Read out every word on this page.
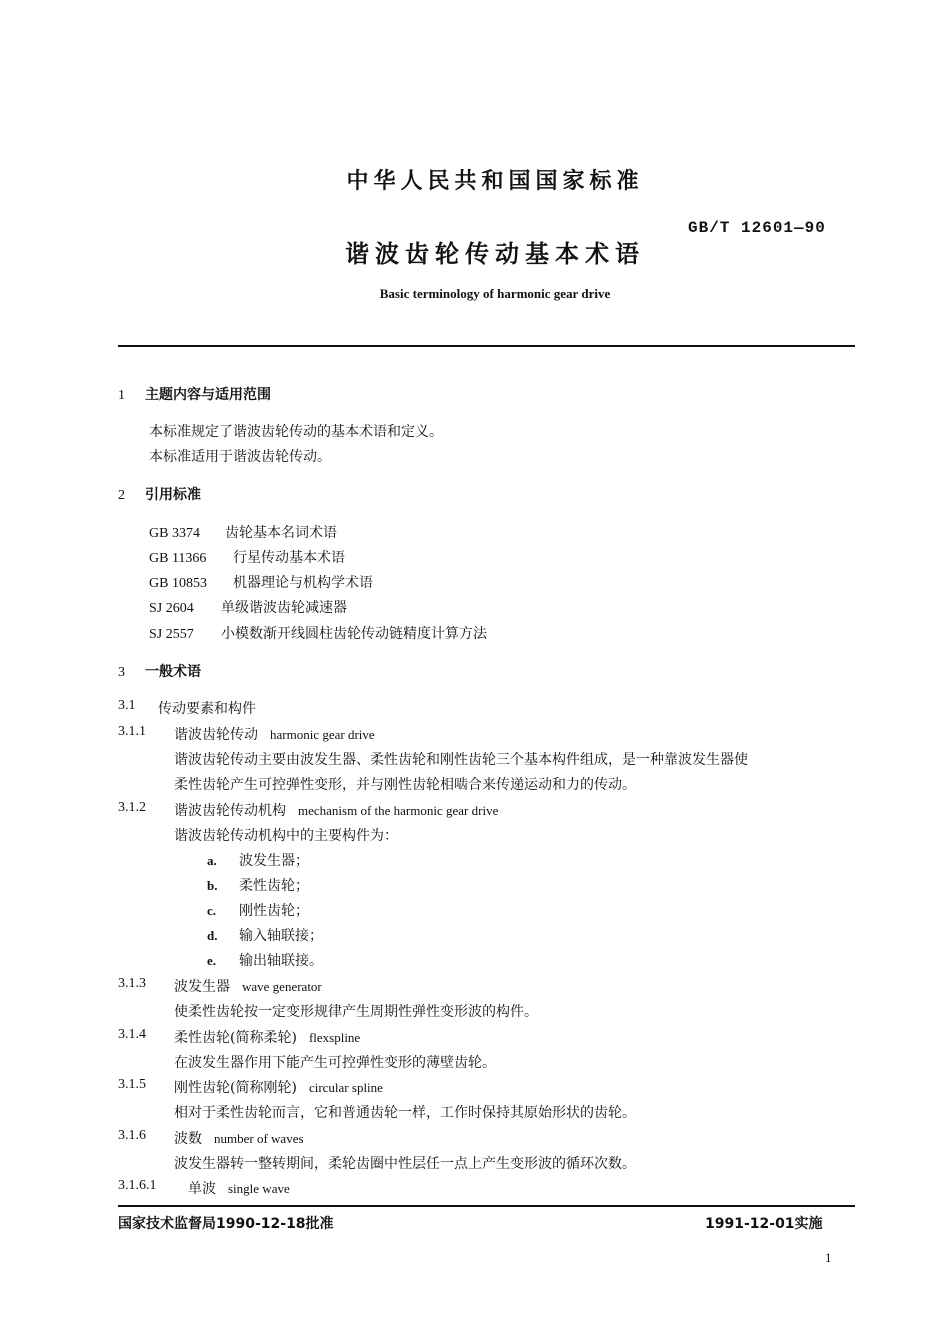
中华人民共和国国家标准
GB/T 12601—90
谐波齿轮传动基本术语
Basic terminology of harmonic gear drive
1 主题内容与适用范围
本标准规定了谐波齿轮传动的基本术语和定义。
本标准适用于谐波齿轮传动。
2 引用标准
GB 3374 齿轮基本名词术语
GB 11366 行星传动基本术语
GB 10853 机器理论与机构学术语
SJ 2604 单级谐波齿轮减速器
SJ 2557 小模数渐开线圆柱齿轮传动链精度计算方法
3 一般术语
3.1 传动要素和构件
3.1.1 谐波齿轮传动 harmonic gear drive
谐波齿轮传动主要由波发生器、柔性齿轮和刚性齿轮三个基本构件组成，是一种靠波发生器使
柔性齿轮产生可控弹性变形，并与刚性齿轮相啮合来传递运动和力的传动。
3.1.2 谐波齿轮传动机构 mechanism of the harmonic gear drive
谐波齿轮传动机构中的主要构件为：
a. 波发生器；
b. 柔性齿轮；
c. 刚性齿轮；
d. 输入轴联接；
e. 输出轴联接。
3.1.3 波发生器 wave generator
使柔性齿轮按一定变形规律产生周期性弹性变形波的构件。
3.1.4 柔性齿轮(简称柔轮) flexspline
在波发生器作用下能产生可控弹性变形的薄壁齿轮。
3.1.5 刚性齿轮(简称刚轮) circular spline
相对于柔性齿轮而言，它和普通齿轮一样，工作时保持其原始形状的齿轮。
3.1.6 波数 number of waves
波发生器转一整转期间，柔轮齿圈中性层任一点上产生变形波的循环次数。
3.1.6.1 单波 single wave
国家技术监督局1990-12-18批准	1991-12-01实施
1
